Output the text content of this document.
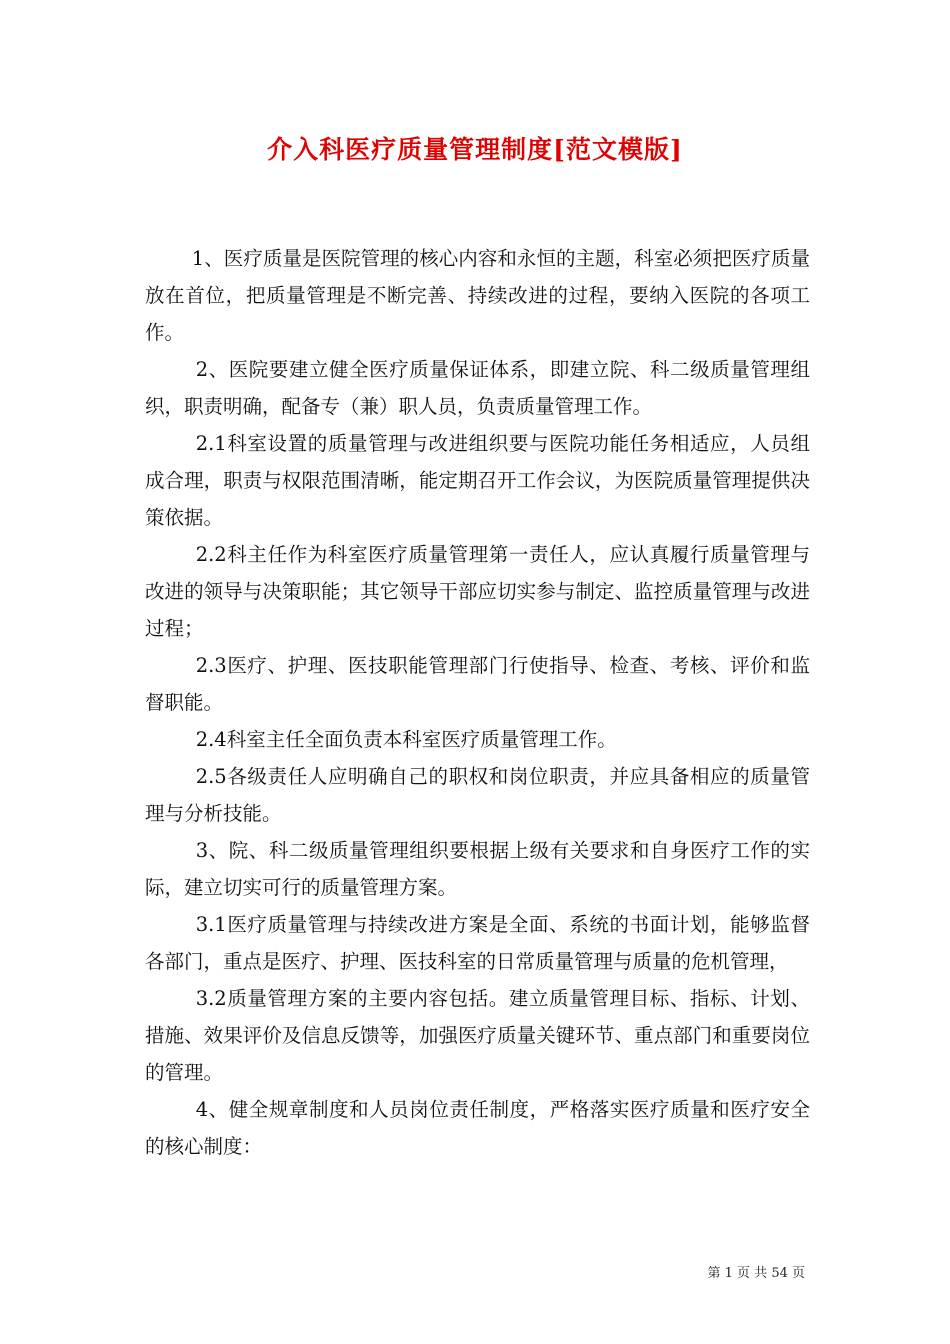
介入科医疗质量管理制度[范文模版]

1、医疗质量是医院管理的核心内容和永恒的主题，科室必须把医疗质量放在首位，把质量管理是不断完善、持续改进的过程，要纳入医院的各项工作。

2、医院要建立健全医疗质量保证体系，即建立院、科二级质量管理组织，职责明确，配备专（兼）职人员，负责质量管理工作。

2.1科室设置的质量管理与改进组织要与医院功能任务相适应，人员组成合理，职责与权限范围清晰，能定期召开工作会议，为医院质量管理提供决策依据。

2.2科主任作为科室医疗质量管理第一责任人，应认真履行质量管理与改进的领导与决策职能；其它领导干部应切实参与制定、监控质量管理与改进过程；

2.3医疗、护理、医技职能管理部门行使指导、检查、考核、评价和监督职能。

2.4科室主任全面负责本科室医疗质量管理工作。

2.5各级责任人应明确自己的职权和岗位职责，并应具备相应的质量管理与分析技能。

3、院、科二级质量管理组织要根据上级有关要求和自身医疗工作的实际，建立切实可行的质量管理方案。

3.1医疗质量管理与持续改进方案是全面、系统的书面计划，能够监督各部门，重点是医疗、护理、医技科室的日常质量管理与质量的危机管理，

3.2质量管理方案的主要内容包括。建立质量管理目标、指标、计划、措施、效果评价及信息反馈等，加强医疗质量关键环节、重点部门和重要岗位的管理。

4、健全规章制度和人员岗位责任制度，严格落实医疗质量和医疗安全的核心制度：

第 1 页 共 54 页
